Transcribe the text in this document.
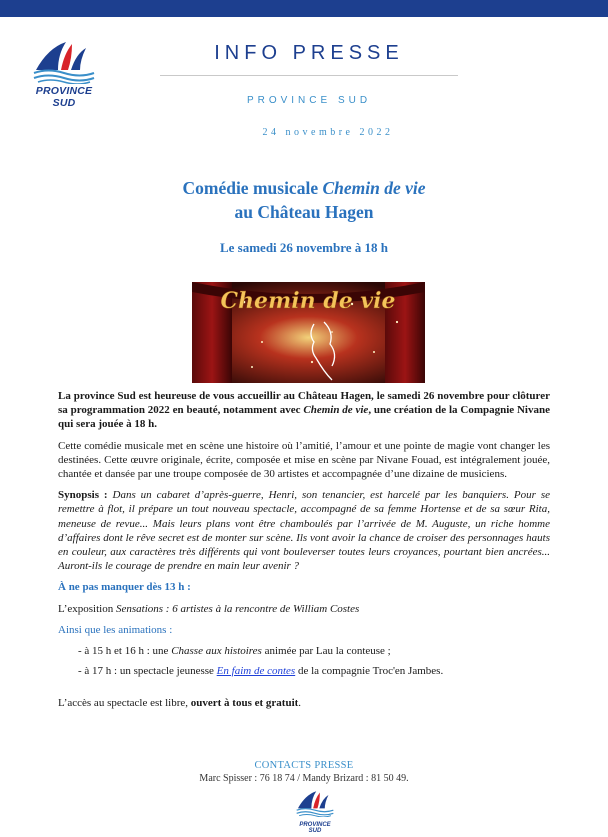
PROVINCE SUD
INFO PRESSE
PROVINCE SUD
24 novembre 2022
Comédie musicale Chemin de vie
au Château Hagen
Le samedi 26 novembre à 18 h
Chemin de vie

La province Sud est heureuse de vous accueillir au Château Hagen, le samedi 26 novembre pour clôturer sa programmation 2022 en beauté, notamment avec Chemin de vie, une création de la Compagnie Nivane qui sera jouée à 18 h.

Cette comédie musicale met en scène une histoire où l’amitié, l’amour et une pointe de magie vont changer les destinées. Cette œuvre originale, écrite, composée et mise en scène par Nivane Fouad, est intégralement jouée, chantée et dansée par une troupe composée de 30 artistes et accompagnée d’une dizaine de musiciens.

Synopsis : Dans un cabaret d’après-guerre, Henri, son tenancier, est harcelé par les banquiers. Pour se remettre à flot, il prépare un tout nouveau spectacle, accompagné de sa femme Hortense et de sa sœur Rita, meneuse de revue... Mais leurs plans vont être chamboulés par l’arrivée de M. Auguste, un riche homme d’affaires dont le rêve secret est de monter sur scène. Ils vont avoir la chance de croiser des personnages hauts en couleur, aux caractères très différents qui vont bouleverser toutes leurs croyances, pourtant bien ancrées... Auront-ils le courage de prendre en main leur avenir ?

À ne pas manquer dès 13 h :

L’exposition Sensations : 6 artistes à la rencontre de William Costes

Ainsi que les animations :

- à 15 h et 16 h : une Chasse aux histoires animée par Lau la conteuse ;
- à 17 h : un spectacle jeunesse En faim de contes de la compagnie Troc'en Jambes.

L’accès au spectacle est libre, ouvert à tous et gratuit.

CONTACTS PRESSE
Marc Spisser : 76 18 74 / Mandy Brizard : 81 50 49.
PROVINCE SUD
